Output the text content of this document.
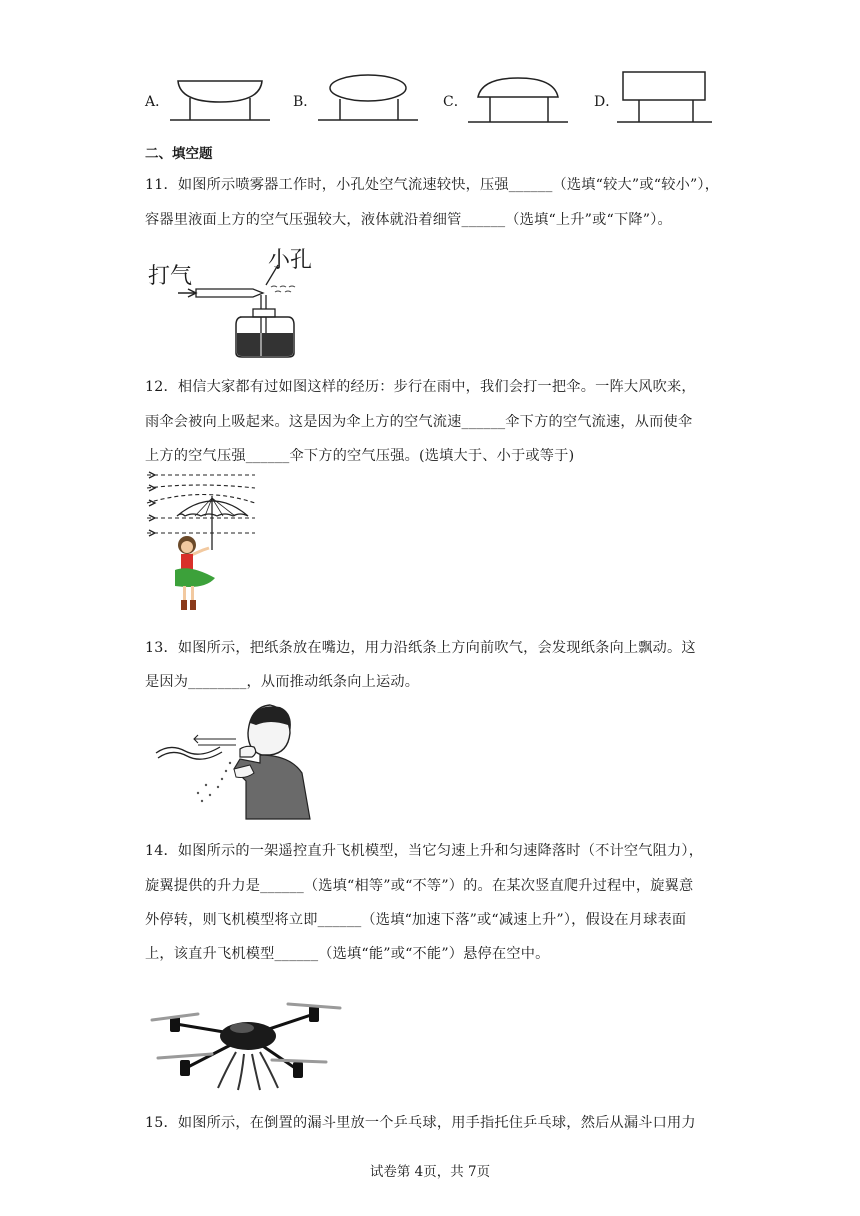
A．	B．	C．	D．
二、填空题
11．如图所示喷雾器工作时，小孔处空气流速较快，压强______（选填“较大”或“较小”），
容器里液面上方的空气压强较大，液体就沿着细管______（选填“上升”或“下降”）。
打气
小孔
12．相信大家都有过如图这样的经历：步行在雨中，我们会打一把伞。一阵大风吹来，
雨伞会被向上吸起来。这是因为伞上方的空气流速______伞下方的空气流速，从而使伞
上方的空气压强______伞下方的空气压强。(选填大于、小于或等于)
13．如图所示，把纸条放在嘴边，用力沿纸条上方向前吹气，会发现纸条向上飘动。这
是因为________，从而推动纸条向上运动。
14．如图所示的一架遥控直升飞机模型，当它匀速上升和匀速降落时（不计空气阻力），
旋翼提供的升力是______（选填“相等”或“不等”）的。在某次竖直爬升过程中，旋翼意
外停转，则飞机模型将立即______（选填“加速下落”或“减速上升”），假设在月球表面
上，该直升飞机模型______（选填“能”或“不能”）悬停在空中。
15．如图所示，在倒置的漏斗里放一个乒乓球，用手指托住乒乓球，然后从漏斗口用力
试卷第 4页，共 7页
